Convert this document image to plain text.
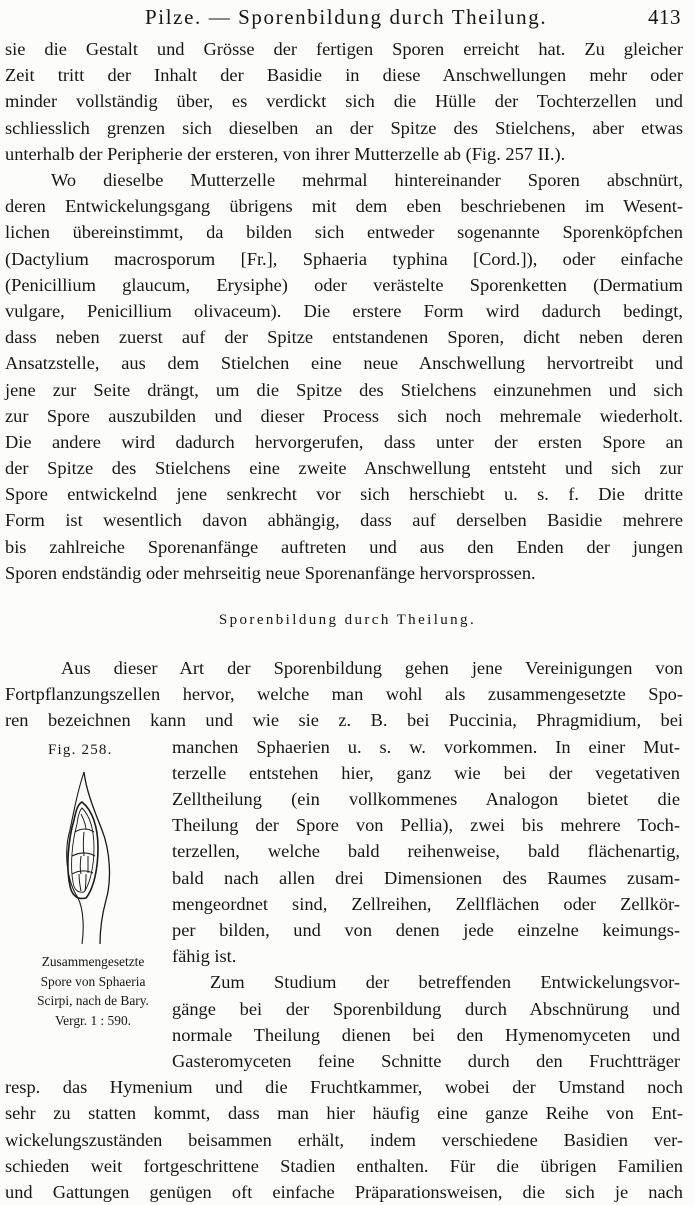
Pilze. — Sporenbildung durch Theilung.	413
sie die Gestalt und Grösse der fertigen Sporen erreicht hat. Zu gleicher
Zeit tritt der Inhalt der Basidie in diese Anschwellungen mehr oder
minder vollständig über, es verdickt sich die Hülle der Tochterzellen und
schliesslich grenzen sich dieselben an der Spitze des Stielchens, aber etwas
unterhalb der Peripherie der ersteren, von ihrer Mutterzelle ab (Fig. 257 II.).
Wo dieselbe Mutterzelle mehrmal hintereinander Sporen abschnürt,
deren Entwickelungsgang übrigens mit dem eben beschriebenen im Wesent-
lichen übereinstimmt, da bilden sich entweder sogenannte Sporenköpfchen
(Dactylium macrosporum [Fr.], Sphaeria typhina [Cord.]), oder einfache
(Penicillium glaucum, Erysiphe) oder verästelte Sporenketten (Dermatium
vulgare, Penicillium olivaceum). Die erstere Form wird dadurch bedingt,
dass neben zuerst auf der Spitze entstandenen Sporen, dicht neben deren
Ansatzstelle, aus dem Stielchen eine neue Anschwellung hervortreibt und
jene zur Seite drängt, um die Spitze des Stielchens einzunehmen und sich
zur Spore auszubilden und dieser Process sich noch mehremale wiederholt.
Die andere wird dadurch hervorgerufen, dass unter der ersten Spore an
der Spitze des Stielchens eine zweite Anschwellung entsteht und sich zur
Spore entwickelnd jene senkrecht vor sich herschiebt u. s. f. Die dritte
Form ist wesentlich davon abhängig, dass auf derselben Basidie mehrere
bis zahlreiche Sporenanfänge auftreten und aus den Enden der jungen
Sporen endständig oder mehrseitig neue Sporenanfänge hervorsprossen.
Sporenbildung durch Theilung.
Aus dieser Art der Sporenbildung gehen jene Vereinigungen von
Fortpflanzungszellen hervor, welche man wohl als zusammengesetzte Spo-
ren bezeichnen kann und wie sie z. B. bei Puccinia, Phragmidium, bei
manchen Sphaerien u. s. w. vorkommen. In einer Mut-
terzelle entstehen hier, ganz wie bei der vegetativen
Zelltheilung (ein vollkommenes Analogon bietet die
Theilung der Spore von Pellia), zwei bis mehrere Toch-
terzellen, welche bald reihenweise, bald flächenartig,
bald nach allen drei Dimensionen des Raumes zusam-
mengeordnet sind, Zellreihen, Zellflächen oder Zellkör-
per bilden, und von denen jede einzelne keimungs-
fähig ist.
Zum Studium der betreffenden Entwickelungsvor-
gänge bei der Sporenbildung durch Abschnürung und
normale Theilung dienen bei den Hymenomyceten und
Gasteromyceten feine Schnitte durch den Fruchtträger
resp. das Hymenium und die Fruchtkammer, wobei der Umstand noch
sehr zu statten kommt, dass man hier häufig eine ganze Reihe von Ent-
wickelungszuständen beisammen erhält, indem verschiedene Basidien ver-
schieden weit fortgeschrittene Stadien enthalten. Für die übrigen Familien
und Gattungen genügen oft einfache Präparationsweisen, die sich je nach
Fig. 258.
Zusammengesetzte
Spore von Sphaeria
Scirpi, nach de Bary.
Vergr. 1 : 590.
